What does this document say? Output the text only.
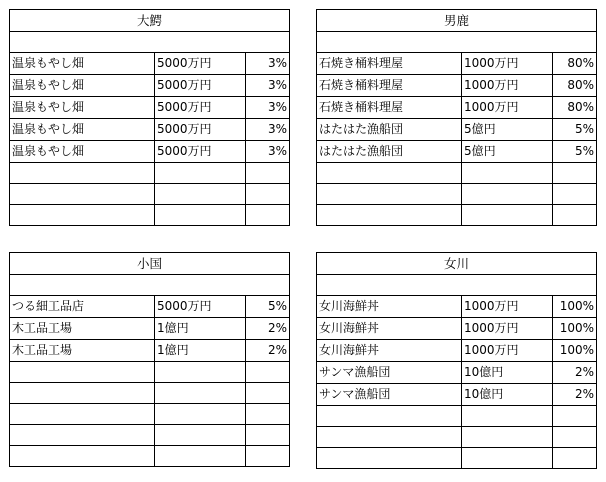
大鰐		

温泉もやし畑	5000万円	3%
温泉もやし畑	5000万円	3%
温泉もやし畑	5000万円	3%
温泉もやし畑	5000万円	3%
温泉もやし畑	5000万円	3%

男鹿		

石焼き桶料理屋	1000万円	80%
石焼き桶料理屋	1000万円	80%
石焼き桶料理屋	1000万円	80%
はたはた漁船団	5億円	5%
はたはた漁船団	5億円	5%

小国		

つる細工品店	5000万円	5%
木工品工場	1億円	2%
木工品工場	1億円	2%

女川		

女川海鮮丼	1000万円	100%
女川海鮮丼	1000万円	100%
女川海鮮丼	1000万円	100%
サンマ漁船団	10億円	2%
サンマ漁船団	10億円	2%
